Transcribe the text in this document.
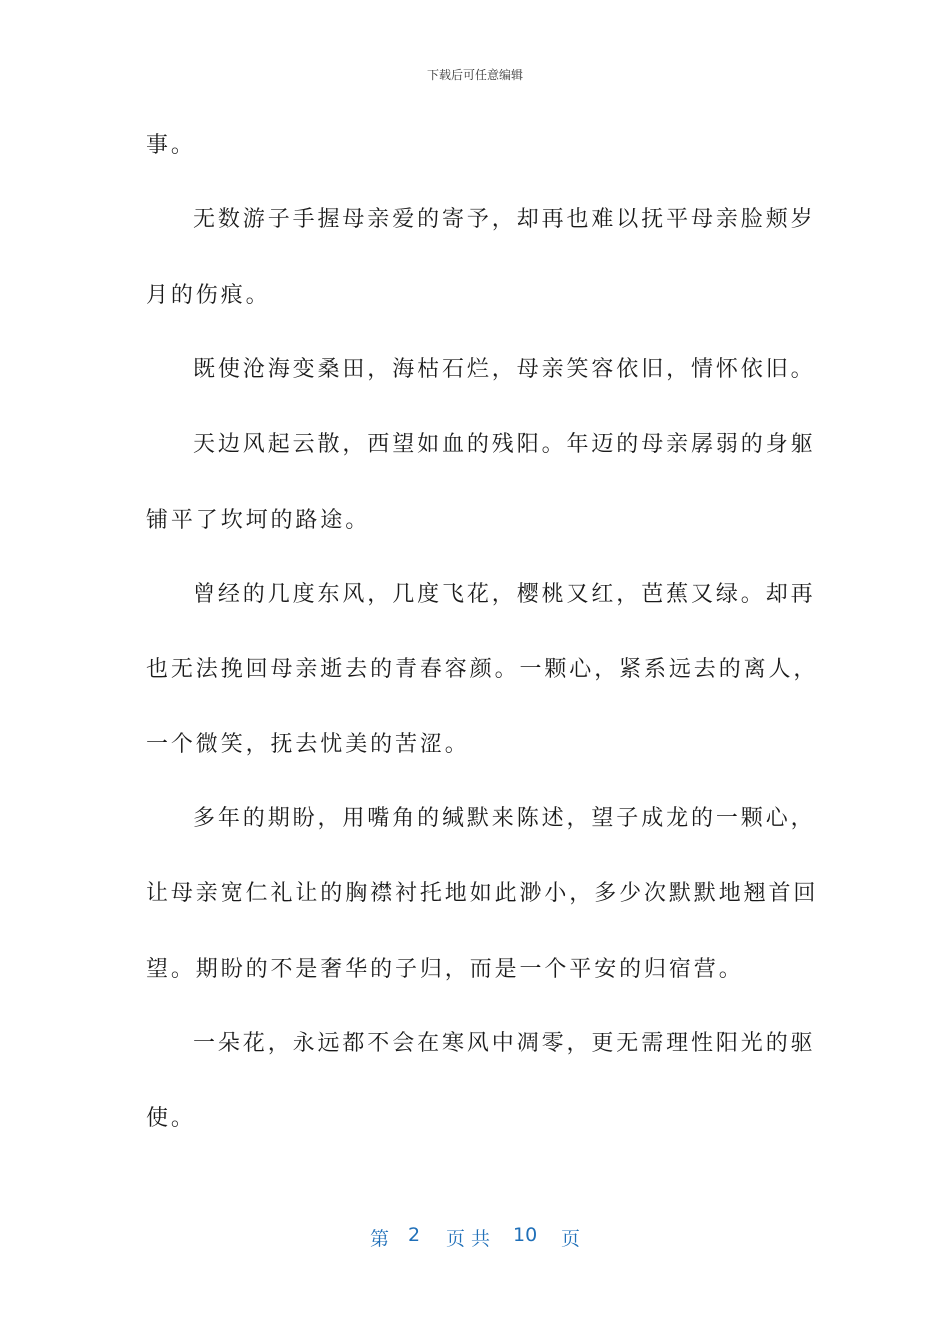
下载后可任意编辑
事。
无数游子手握母亲爱的寄予，却再也难以抚平母亲脸颊岁
月的伤痕。
既使沧海变桑田，海枯石烂，母亲笑容依旧，情怀依旧。
天边风起云散，西望如血的残阳。年迈的母亲孱弱的身躯
铺平了坎坷的路途。
曾经的几度东风，几度飞花，樱桃又红，芭蕉又绿。却再
也无法挽回母亲逝去的青春容颜。一颗心，紧系远去的离人，
一个微笑，抚去忧美的苦涩。
多年的期盼，用嘴角的缄默来陈述，望子成龙的一颗心，
让母亲宽仁礼让的胸襟衬托地如此渺小，多少次默默地翘首回
望。期盼的不是奢华的子归，而是一个平安的归宿营。
一朵花，永远都不会在寒风中凋零，更无需理性阳光的驱
使。
第 2 页 共 10 页
